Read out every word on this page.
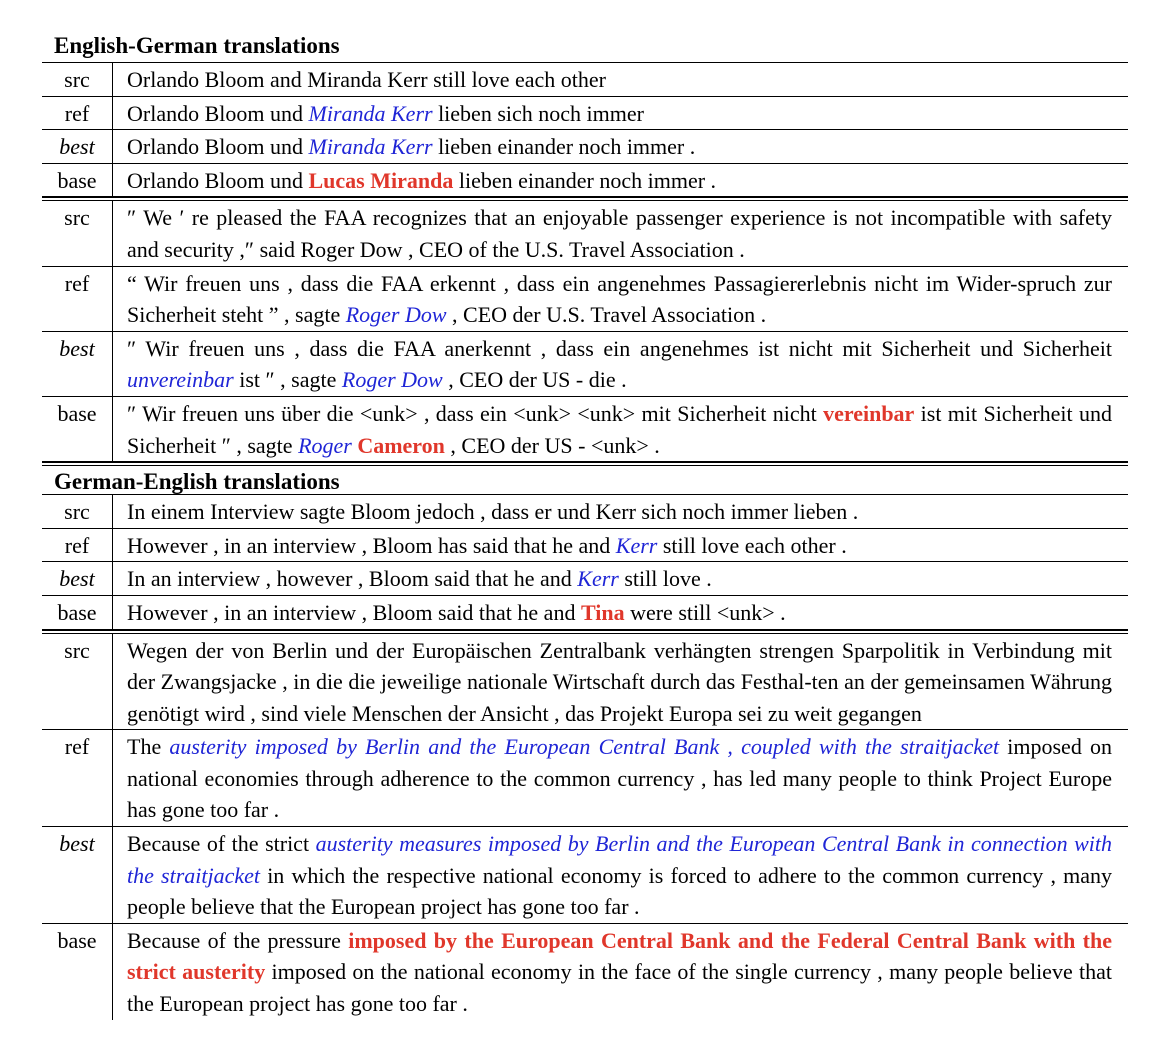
English-German translations
src	Orlando Bloom and Miranda Kerr still love each other
ref	Orlando Bloom und Miranda Kerr lieben sich noch immer
best	Orlando Bloom und Miranda Kerr lieben einander noch immer .
base	Orlando Bloom und Lucas Miranda lieben einander noch immer .
src	″ We ′ re pleased the FAA recognizes that an enjoyable passenger experience is not incompatible with safety and security ,″ said Roger Dow , CEO of the U.S. Travel Association .
ref	“ Wir freuen uns , dass die FAA erkennt , dass ein angenehmes Passagiererlebnis nicht im Wider-spruch zur Sicherheit steht ” , sagte Roger Dow , CEO der U.S. Travel Association .
best	″ Wir freuen uns , dass die FAA anerkennt , dass ein angenehmes ist nicht mit Sicherheit und Sicherheit unvereinbar ist ″ , sagte Roger Dow , CEO der US - die .
base	″ Wir freuen uns über die <unk> , dass ein <unk> <unk> mit Sicherheit nicht vereinbar ist mit Sicherheit und Sicherheit ″ , sagte Roger Cameron , CEO der US - <unk> .
German-English translations
src	In einem Interview sagte Bloom jedoch , dass er und Kerr sich noch immer lieben .
ref	However , in an interview , Bloom has said that he and Kerr still love each other .
best	In an interview , however , Bloom said that he and Kerr still love .
base	However , in an interview , Bloom said that he and Tina were still <unk> .
src	Wegen der von Berlin und der Europäischen Zentralbank verhängten strengen Sparpolitik in Verbindung mit der Zwangsjacke , in die die jeweilige nationale Wirtschaft durch das Festhal-ten an der gemeinsamen Währung genötigt wird , sind viele Menschen der Ansicht , das Projekt Europa sei zu weit gegangen
ref	The austerity imposed by Berlin and the European Central Bank , coupled with the straitjacket imposed on national economies through adherence to the common currency , has led many people to think Project Europe has gone too far .
best	Because of the strict austerity measures imposed by Berlin and the European Central Bank in connection with the straitjacket in which the respective national economy is forced to adhere to the common currency , many people believe that the European project has gone too far .
base	Because of the pressure imposed by the European Central Bank and the Federal Central Bank with the strict austerity imposed on the national economy in the face of the single currency , many people believe that the European project has gone too far .
